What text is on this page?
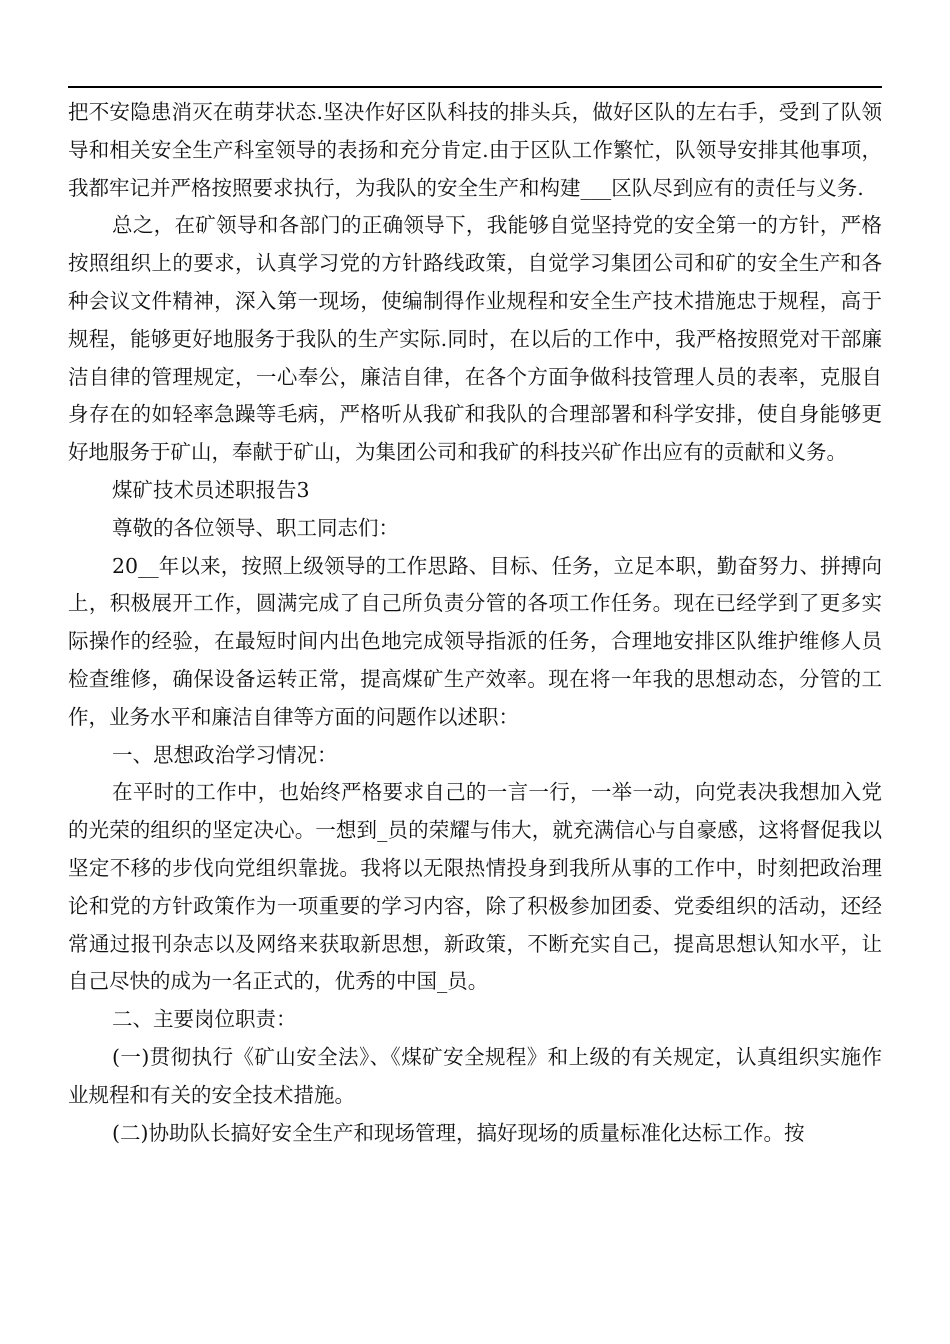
把不安隐患消灭在萌芽状态.坚决作好区队科技的排头兵，做好区队的左右手，受到了队领导和相关安全生产科室领导的表扬和充分肯定.由于区队工作繁忙，队领导安排其他事项，我都牢记并严格按照要求执行，为我队的安全生产和构建___区队尽到应有的责任与义务.

总之，在矿领导和各部门的正确领导下，我能够自觉坚持党的安全第一的方针，严格按照组织上的要求，认真学习党的方针路线政策，自觉学习集团公司和矿的安全生产和各种会议文件精神，深入第一现场，使编制得作业规程和安全生产技术措施忠于规程，高于规程，能够更好地服务于我队的生产实际.同时，在以后的工作中，我严格按照党对干部廉洁自律的管理规定，一心奉公，廉洁自律，在各个方面争做科技管理人员的表率，克服自身存在的如轻率急躁等毛病，严格听从我矿和我队的合理部署和科学安排，使自身能够更好地服务于矿山，奉献于矿山，为集团公司和我矿的科技兴矿作出应有的贡献和义务。

煤矿技术员述职报告3

尊敬的各位领导、职工同志们：

20__年以来，按照上级领导的工作思路、目标、任务，立足本职，勤奋努力、拼搏向上，积极展开工作，圆满完成了自己所负责分管的各项工作任务。现在已经学到了更多实际操作的经验，在最短时间内出色地完成领导指派的任务，合理地安排区队维护维修人员检查维修，确保设备运转正常，提高煤矿生产效率。现在将一年我的思想动态，分管的工作，业务水平和廉洁自律等方面的问题作以述职：

一、思想政治学习情况：

在平时的工作中，也始终严格要求自己的一言一行，一举一动，向党表决我想加入党的光荣的组织的坚定决心。一想到_员的荣耀与伟大，就充满信心与自豪感，这将督促我以坚定不移的步伐向党组织靠拢。我将以无限热情投身到我所从事的工作中，时刻把政治理论和党的方针政策作为一项重要的学习内容，除了积极参加团委、党委组织的活动，还经常通过报刊杂志以及网络来获取新思想，新政策，不断充实自己，提高思想认知水平，让自己尽快的成为一名正式的，优秀的中国_员。

二、主要岗位职责：

(一)贯彻执行《矿山安全法》、《煤矿安全规程》和上级的有关规定，认真组织实施作业规程和有关的安全技术措施。

(二)协助队长搞好安全生产和现场管理，搞好现场的质量标准化达标工作。按
